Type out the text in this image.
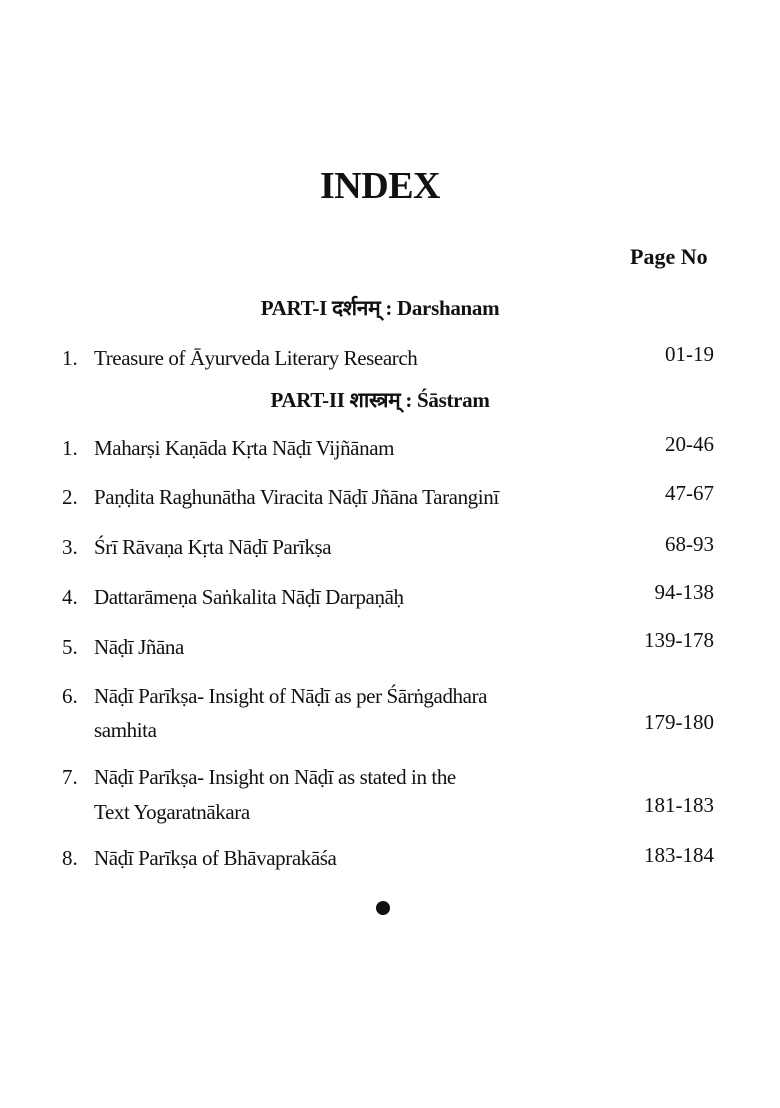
INDEX
Page No
PART-I दर्शनम् : Darshanam
1. Treasure of Āyurveda Literary Research	01-19
PART-II शास्त्रम् : Śāstram
1. Maharṣi Kaṇāda Kṛta Nāḍī Vijñānam	20-46
2. Paṇḍita Raghunātha Viracita Nāḍī Jñāna Taranginī	47-67
3. Śrī Rāvaṇa Kṛta Nāḍī Parīkṣa	68-93
4. Dattarāmeṇa Saṅkalita Nāḍī Darpaṇāḥ	94-138
5. Nāḍī Jñāna	139-178
6. Nāḍī Parīkṣa- Insight of Nāḍī as per Śārṅgadhara
samhita	179-180
7. Nāḍī Parīkṣa- Insight on Nāḍī as stated in the
Text Yogaratnākara	181-183
8. Nāḍī Parīkṣa of Bhāvaprakāśa	183-184
